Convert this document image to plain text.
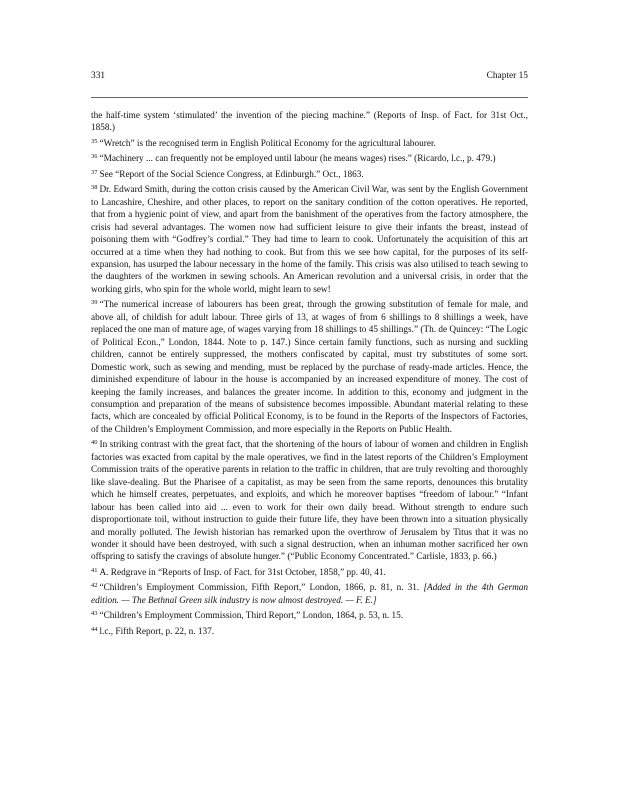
331	Chapter 15

the half-time system ‘stimulated’ the invention of the piecing machine.” (Reports of Insp. of Fact. for 31st Oct., 1858.)

$^{35}$ “Wretch” is the recognised term in English Political Economy for the agricultural labourer.

$^{36}$ “Machinery ... can frequently not be employed until labour (he means wages) rises.” (Ricardo, l.c., p. 479.)

$^{37}$ See “Report of the Social Science Congress, at Edinburgh.” Oct., 1863.

$^{38}$ Dr. Edward Smith, during the cotton crisis caused by the American Civil War, was sent by the English Government to Lancashire, Cheshire, and other places, to report on the sanitary condition of the cotton operatives. He reported, that from a hygienic point of view, and apart from the banishment of the operatives from the factory atmosphere, the crisis had several advantages. The women now had sufficient leisure to give their infants the breast, instead of poisoning them with “Godfrey’s cordial.” They had time to learn to cook. Unfortunately the acquisition of this art occurred at a time when they had nothing to cook. But from this we see how capital, for the purposes of its self-expansion, has usurped the labour necessary in the home of the family. This crisis was also utilised to teach sewing to the daughters of the workmen in sewing schools. An American revolution and a universal crisis, in order that the working girls, who spin for the whole world, might learn to sew!

$^{39}$ “The numerical increase of labourers has been great, through the growing substitution of female for male, and above all, of childish for adult labour. Three girls of 13, at wages of from 6 shillings to 8 shillings a week, have replaced the one man of mature age, of wages varying from 18 shillings to 45 shillings.” (Th. de Quincey: “The Logic of Political Econ.,” London, 1844. Note to p. 147.) Since certain family functions, such as nursing and suckling children, cannot be entirely suppressed, the mothers confiscated by capital, must try substitutes of some sort. Domestic work, such as sewing and mending, must be replaced by the purchase of ready-made articles. Hence, the diminished expenditure of labour in the house is accompanied by an increased expenditure of money. The cost of keeping the family increases, and balances the greater income. In addition to this, economy and judgment in the consumption and preparation of the means of subsistence becomes impossible. Abundant material relating to these facts, which are concealed by official Political Economy, is to be found in the Reports of the Inspectors of Factories, of the Children’s Employment Commission, and more especially in the Reports on Public Health.

$^{40}$ In striking contrast with the great fact, that the shortening of the hours of labour of women and children in English factories was exacted from capital by the male operatives, we find in the latest reports of the Children’s Employment Commission traits of the operative parents in relation to the traffic in children, that are truly revolting and thoroughly like slave-dealing. But the Pharisee of a capitalist, as may be seen from the same reports, denounces this brutality which he himself creates, perpetuates, and exploits, and which he moreover baptises “freedom of labour.” “Infant labour has been called into aid ... even to work for their own daily bread. Without strength to endure such disproportionate toil, without instruction to guide their future life, they have been thrown into a situation physically and morally polluted. The Jewish historian has remarked upon the overthrow of Jerusalem by Titus that it was no wonder it should have been destroyed, with such a signal destruction, when an inhuman mother sacrificed her own offspring to satisfy the cravings of absolute hunger.” (“Public Economy Concentrated.” Carlisle, 1833, p. 66.)

$^{41}$ A. Redgrave in “Reports of Insp. of Fact. for 31st October, 1858,” pp. 40, 41.

$^{42}$ “Children’s Employment Commission, Fifth Report,” London, 1866, p. 81, n. 31. [Added in the 4th German edition. — The Bethnal Green silk industry is now almost destroyed. — F. E.]

$^{43}$ “Children’s Employment Commission, Third Report,” London, 1864, p. 53, n. 15.

$^{44}$ l.c., Fifth Report, p. 22, n. 137.
